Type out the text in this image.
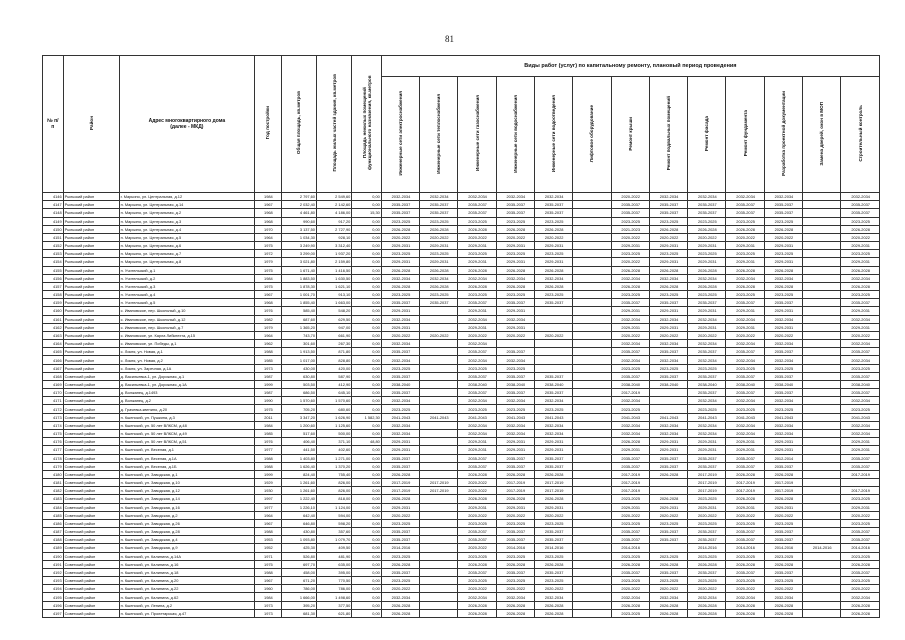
81
№ п/п	Район	Адрес многоквартирного дома (далее - МКД)	Год постройки	Общая площадь, кв.метров	Площадь жилых частей здания, кв.метров	Площадь нежилых помещений функционального назначения, кв.метров	Виды работ (услуг) по капитальному ремонту, плановый период проведения												
							Инженерные сети электроснабжения	Инженерные сети теплоснабжения	Инженерные сети газоснабжения	Инженерные сети водоснабжения	Инженерные сети водоотведения	Лифтовое оборудование	Ремонт крыши	Ремонт подвальных помещений	Ремонт фасада	Ремонт фундамента	Разработка проектной документации	Замена дверей, окон в МОП	Строительный контроль
4146	Рыльский район	г. Марьино, ул. Центральная, д.12	1984	2 797,60	2 549,60	0,00	2032-2034	2032-2034	2032-2034	2032-2034	2032-2034		2020-2022	2032-2034	2032-2034	2032-2034	2032-2034		2032-2034
4147	Рыльский район	п. Марьино, ул. Центральная, д.14	1967	2 032,40	2 142,60	0,00	2035-2037	2035-2037	2035-2037	2035-2037	2035-2037		2035-2037	2035-2037	2035-2037	2035-2037	2035-2037		2035-2037
4148	Рыльский район	п. Марьино, ул. Центральная, д.2	1968	4 461,80	4 186,00	15,30	2035-2037	2035-2037	2035-2037	2035-2037	2035-2037		2035-2037	2035-2037	2035-2037	2035-2037	2035-2037		2035-2037
4149	Рыльский район	п. Марьино, ул. Центральная, д.3	1968	990,60	917,20	0,00	2023-2025	2023-2025	2023-2025	2023-2025	2023-2025		2023-2025	2023-2025	2023-2025	2023-2025	2023-2025		2023-2025
4150	Рыльский район	п. Марьино, ул. Центральная, д.4	1970	3 137,50	2 727,90	0,00	2026-2028	2026-2028	2026-2028	2026-2028	2026-2028		2021-2023	2026-2028	2026-2028	2026-2028	2026-2028		2026-2028
4151	Рыльский район	п. Марьино, ул. Центральная, д.5	1964	1 034,30	928,10	0,00	2020-2022	2020-2022	2020-2022	2020-2022	2020-2022		2020-2022	2020-2022	2020-2022	2020-2022	2020-2022		2020-2022
4152	Рыльский район	п. Марьино, ул. Центральная, д.6	1975	3 249,90	3 312,40	0,00	2029-2031	2029-2031	2029-2031	2029-2031	2029-2031		2029-2031	2029-2031	2029-2031	2029-2031	2029-2031		2029-2031
4153	Рыльский район	п. Марьино, ул. Центральная, д.7	1972	3 299,00	1 937,20	0,00	2023-2025	2023-2025	2023-2025	2023-2025	2023-2025		2023-2025	2023-2025	2023-2025	2023-2025	2023-2025		2023-2025
4154	Рыльский район	п. Марьино, ул. Центральная, д.8	1979	3 021,80	2 159,80	0,00	2029-2031	2029-2031	2029-2031	2029-2031	2029-2031		2020-2022	2029-2031	2029-2031	2029-2031	2029-2031		2029-2031
4155	Рыльский район	п. Учительский, д.1	1975	1 671,40	1 416,50	0,00	2026-2028	2026-2028	2026-2028	2026-2028	2026-2028		2026-2028	2026-2028	2026-2028	2026-2028	2026-2028		2026-2028
4156	Рыльский район	п. Учительский, д.2	1984	1 883,50	1 630,50	0,00	2032-2034	2032-2034	2032-2034	2032-2034	2032-2034		2032-2034	2032-2034	2032-2034	2032-2034	2032-2034		2032-2034
4157	Рыльский район	п. Учительский, д.3	1975	1 878,30	1 621,10	0,00	2026-2028	2026-2028	2026-2028	2026-2028	2026-2028		2026-2028	2026-2028	2026-2028	2026-2028	2026-2028		2026-2028
4158	Рыльский район	п. Учительский, д.4	1967	1 001,70	913,10	0,00	2023-2025	2023-2025	2023-2025	2023-2025	2023-2025		2023-2025	2023-2025	2023-2025	2023-2025	2023-2025		2023-2025
4159	Рыльский район	п. Учительский, д.5	1968	1 855,40	1 663,00	0,00	2035-2037	2035-2037	2035-2037	2035-2037	2035-2037		2035-2037	2035-2037	2035-2037	2035-2037	2035-2037		2035-2037
4160	Рыльский район	с. Ивановское, пер. Школьный, д.10	1976	585,40	548,20	0,00	2029-2031		2029-2031	2029-2031			2029-2031	2029-2031	2029-2031	2029-2031	2029-2031		2029-2031
4161	Рыльский район	с. Ивановское, пер. Школьный, д.12	1982	687,60	629,50	0,00	2032-2034		2032-2034	2032-2034			2032-2034	2032-2034	2032-2034	2032-2034	2032-2034		2032-2034
4162	Рыльский район	с. Ивановское, пер. Школьный, д.7	1979	1 365,20	947,00	0,00	2029-2031		2029-2031	2029-2031			2029-2031	2029-2031	2029-2031	2029-2031	2029-2031		2029-2031
4163	Рыльский район	с. Ивановское, ул. Карла Либкнехта, д.15	1964	743,70	661,90	0,00	2020-2022	2020-2022	2020-2022	2020-2022	2020-2022		2020-2022	2020-2022	2020-2022	2020-2022	2020-2022		2020-2022
4164	Рыльский район	с. Ивановское, ул. Победы, д.1	1962	301,60	267,30	0,00	2032-2034		2032-2034				2032-2034	2032-2034	2032-2034	2032-2034	2032-2034		2032-2034
4165	Рыльский район	с. Локня, ул. Новая, д.1	1988	1 913,50	871,80	0,00	2035-2037		2035-2037	2035-2037			2035-2037	2035-2037	2035-2037	2035-2037	2035-2037		2035-2037
4166	Рыльский район	с. Локня, ул. Новая, д.2	1985	1 017,00	828,80	0,00	2032-2034		2032-2034	2032-2034			2032-2034	2032-2034	2032-2034	2032-2034	2032-2034		2032-2034
4167	Рыльский район	с. Локня, ул. Заречная, д.1А	1973	430,00	420,00	0,00	2023-2025		2023-2025	2023-2025			2023-2025	2023-2025	2023-2025	2023-2025	2023-2025		2023-2025
4168	Советский район	д. Васильевка-1, ул. Дорожная, д.1	1987	630,80	587,90	0,00	2035-2037		2035-2037	2035-2037	2035-2037		2035-2037	2035-2037	2035-2037	2035-2037	2035-2037		2035-2037
4169	Советский район	д. Васильевка-1, ул. Дорожная, д.1А	1999	503,50	412,90	0,00	2038-2040		2038-2040	2038-2040	2038-2040		2038-2040	2038-2040	2038-2040	2038-2040	2038-2040		2038-2040
4170	Советский район	д. Волжанец, д.1493	1987	686,50	645,10	0,00	2035-2037		2035-2037	2035-2037	2035-2037		2017-2019		2035-2037	2035-2037	2035-2037		2035-2037
4171	Советский район	д. Волжанец, д.2	1990	1 570,60	1 570,60	0,00	2032-2034		2032-2034	2032-2034	2032-2034		2032-2034		2032-2034	2032-2034	2032-2034		2032-2034
4172	Советский район	д. Грачевка-квенино, д.20	1975	705,20	680,60	0,00	2023-2025		2023-2025	2023-2025	2023-2025		2023-2025		2023-2025	2023-2025	2023-2025		2023-2025
4173	Советский район	п. Кшенский, ул. Пушкина, д.3	2011	3 347,20	1 626,90	1 582,30	2041-2043	2041-2043	2041-2043	2041-2043	2041-2043		2041-2043	2041-2043	2041-2043	2041-2043	2041-2043		2041-2043
4174	Советский район	п. Кшенский, ул. 50 лет ВЛКСМ, д.48	1984	1 200,60	1 125,60	0,00	2032-2034		2032-2034	2032-2034	2032-2034		2032-2034	2032-2034	2032-2034	2032-2034	2032-2034		2032-2034
4175	Советский район	п. Кшенский, ул. 50 лет ВЛКСМ, д.49	1985	517,60	500,00	0,00	2032-2034		2032-2034	2032-2034	2032-2034		2032-2034	2032-2034	2032-2034	2032-2034	2032-2034		2032-2034
4176	Советский район	п. Кшенский, ул. 50 лет ВЛКСМ, д.51	1976	406,40	371,10	48,80	2029-2031		2029-2031	2029-2031	2029-2031		2026-2028	2029-2031	2029-2031	2029-2031	2029-2031		2029-2031
4177	Советский район	п. Кшенский, ул. Веселая, д.1	1977	441,50	402,60	0,00	2029-2031		2029-2031	2029-2031	2029-2031		2029-2031	2029-2031	2029-2031	2029-2031	2029-2031		2029-2031
4178	Советский район	п. Кшенский, ул. Веселая, д.1А	1988	1 403,80	1 271,00	0,00	2035-2037		2035-2037	2035-2037	2035-2037		2035-2037	2035-2037	2035-2037	2035-2037	2012-2014		2035-2037
4179	Советский район	п. Кшенский, ул. Веселая, д.1Б	1988	1 626,40	1 370,20	0,00	2035-2037		2035-2037	2035-2037	2035-2037		2035-2037	2035-2037	2035-2037	2035-2037	2035-2037		2035-2037
4180	Советский район	п. Кшенский, ул. Заводская, д.1	1999	824,40	755,40	0,00	2026-2028		2026-2028	2026-2028	2026-2028		2017-2019	2026-2028	2017-2019	2026-2028	2026-2028		2017-2019
4181	Советский район	п. Кшенский, ул. Заводская, д.10	1929	1 261,60	826,00	0,00	2017-2019	2017-2019	2020-2022	2017-2019	2017-2019		2017-2019		2017-2019	2017-2019	2017-2019		
4182	Советский район	п. Кшенский, ул. Заводская, д.12	1930	1 261,60	826,00	0,00	2017-2019	2017-2019	2020-2022	2017-2019	2017-2019		2017-2019		2017-2019	2017-2019	2017-2019		2017-2019
4183	Советский район	п. Кшенский, ул. Заводская, д.14	1997	1 222,40	818,00	0,00	2026-2028		2026-2028	2026-2028	2026-2028		2023-2025	2026-2028	2023-2025	2026-2028	2026-2028		2023-2025
4184	Советский район	п. Кшенский, ул. Заводская, д.16	1977	1 226,10	1 124,00	0,00	2029-2031		2029-2031	2029-2031	2029-2031		2029-2031	2029-2031	2029-2031	2029-2031	2029-2031		2029-2031
4185	Советский район	п. Кшенский, ул. Заводская, д.2	1964	642,40	594,00	0,00	2020-2022		2020-2022	2020-2022	2020-2022		2020-2022	2020-2022	2020-2022	2020-2022	2020-2022		2020-2022
4186	Советский район	п. Кшенский, ул. Заводская, д.26	1967	646,80	598,20	0,00	2023-2025		2023-2025	2023-2025	2023-2025		2023-2025	2023-2025	2023-2025	2023-2025	2023-2025		2023-2025
4187	Советский район	п. Кшенский, ул. Заводская, д.28	1988	430,80	357,60	0,00	2035-2037		2035-2037	2035-2037	2035-2037		2035-2037	2035-2037	2035-2037	2035-2037	2035-2037		2035-2037
4188	Советский район	п. Кшенский, ул. Заводская, д.4	1953	1 093,80	1 079,70	0,00	2035-2037		2035-2037	2035-2037	2035-2037		2035-2037	2035-2037	2035-2037	2035-2037	2035-2037		2035-2037
4189	Советский район	п. Кшенский, ул. Заводская, д.9	1952	425,30	409,50	0,00	2014-2016		2020-2022	2014-2016	2014-2016		2014-2016		2014-2016	2014-2016	2014-2016	2014-2016	2014-2016
4190	Советский район	п. Кшенский, ул. Калинина, д.14А	1971	526,80	481,90	0,00	2023-2025		2023-2025	2023-2025	2023-2025		2023-2025	2023-2025	2023-2025	2023-2025	2023-2025		2023-2025
4191	Советский район	п. Кшенский, ул. Калинина, д.16	1975	697,70	635,00	0,00	2026-2028		2026-2028	2026-2028	2026-2028		2026-2028	2026-2028	2026-2028	2026-2028	2026-2028		2026-2028
4192	Советский район	п. Кшенский, ул. Калинина, д.18	1988	458,00	395,00	0,00	2035-2037		2035-2037	2035-2037	2035-2037		2035-2037	2035-2037	2035-2037	2035-2037	2035-2037		2035-2037
4193	Советский район	п. Кшенский, ул. Калинина, д.20	1967	671,20	770,50	0,00	2023-2025		2023-2025	2023-2025	2023-2025		2023-2025	2023-2025	2023-2025	2023-2025	2023-2025		2023-2025
4194	Советский район	п. Кшенский, ул. Калинина, д.22	1960	786,00	786,00	0,00	2020-2022		2020-2022	2020-2022	2020-2022		2020-2022	2020-2022	2020-2022	2020-2022	2020-2022		2020-2022
4195	Советский район	п. Кшенский, ул. Калинина, д.62	1984	1 666,00	1 498,60	0,00	2032-2034		2032-2034	2032-2034	2032-2034		2032-2034	2032-2034	2032-2034	2032-2034	2032-2034		2032-2034
4196	Советский район	п. Кшенский, ул. Ленина, д.2	1973	395,20	377,50	0,00	2026-2028		2026-2028	2026-2028	2026-2028		2026-2028	2026-2028	2026-2028	2026-2028	2026-2028		2026-2028
4197	Советский район	п. Кшенский, ул. Пролетарская, д.47	1973	681,30	621,80	0,00	2026-2028		2026-2028	2026-2028	2026-2028		2023-2025	2026-2028	2026-2028	2026-2028	2026-2028		2026-2028
